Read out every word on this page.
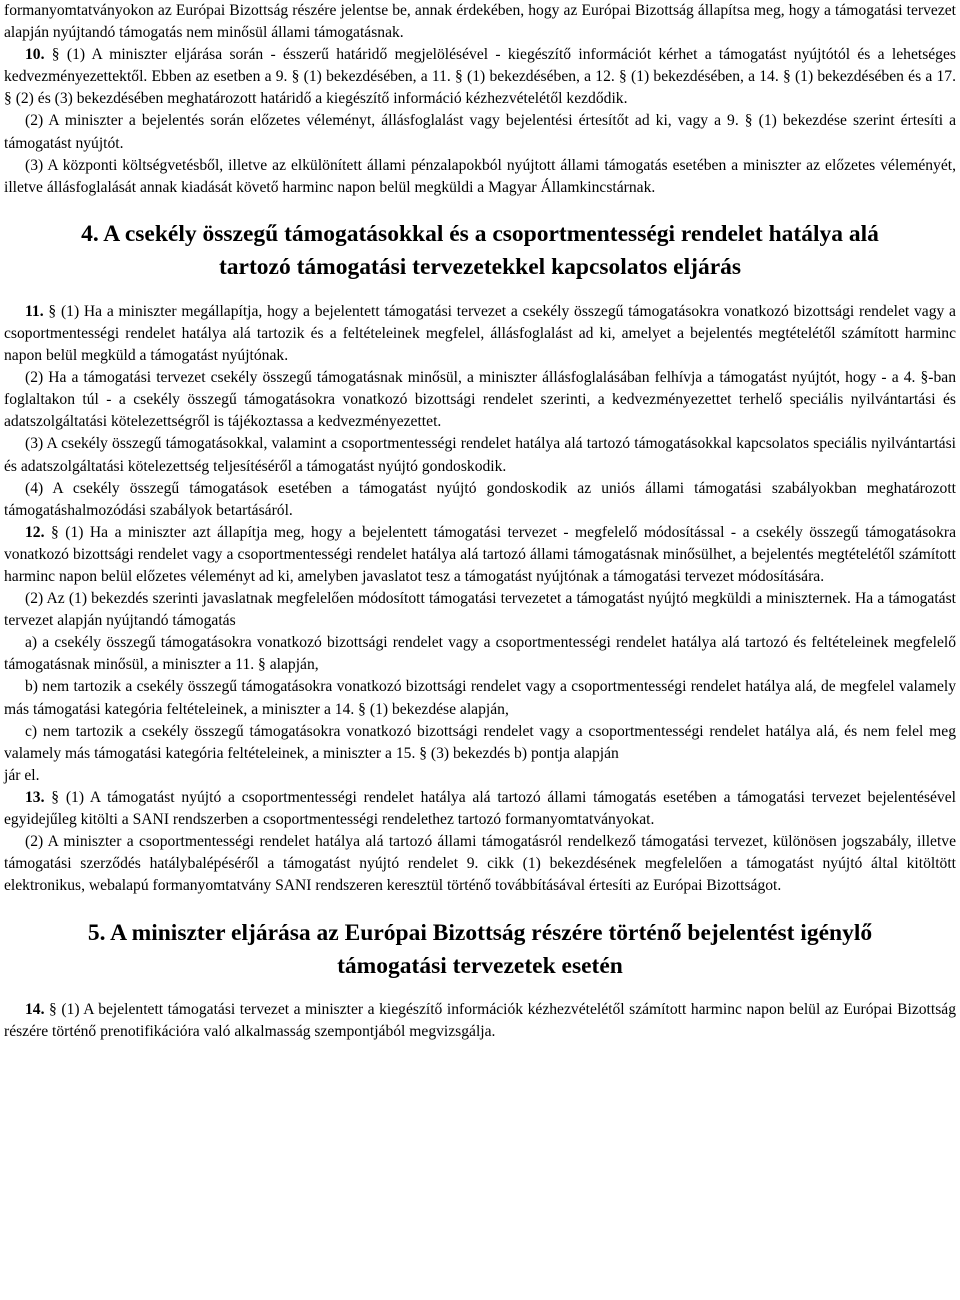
formanyomtatványokon az Európai Bizottság részére jelentse be, annak érdekében, hogy az Európai Bizottság állapítsa meg, hogy a támogatási tervezet alapján nyújtandó támogatás nem minősül állami támogatásnak.

10. § (1) A miniszter eljárása során - ésszerű határidő megjelölésével - kiegészítő információt kérhet a támogatást nyújtótól és a lehetséges kedvezményezettektől. Ebben az esetben a 9. § (1) bekezdésében, a 11. § (1) bekezdésében, a 12. § (1) bekezdésében, a 14. § (1) bekezdésében és a 17. § (2) és (3) bekezdésében meghatározott határidő a kiegészítő információ kézhezvételétől kezdődik.

(2) A miniszter a bejelentés során előzetes véleményt, állásfoglalást vagy bejelentési értesítőt ad ki, vagy a 9. § (1) bekezdése szerint értesíti a támogatást nyújtót.

(3) A központi költségvetésből, illetve az elkülönített állami pénzalapokból nyújtott állami támogatás esetében a miniszter az előzetes véleményét, illetve állásfoglalását annak kiadását követő harminc napon belül megküldi a Magyar Államkincstárnak.

4. A csekély összegű támogatásokkal és a csoportmentességi rendelet hatálya alá tartozó támogatási tervezetekkel kapcsolatos eljárás

11. § (1) Ha a miniszter megállapítja, hogy a bejelentett támogatási tervezet a csekély összegű támogatásokra vonatkozó bizottsági rendelet vagy a csoportmentességi rendelet hatálya alá tartozik és a feltételeinek megfelel, állásfoglalást ad ki, amelyet a bejelentés megtételétől számított harminc napon belül megküld a támogatást nyújtónak.

(2) Ha a támogatási tervezet csekély összegű támogatásnak minősül, a miniszter állásfoglalásában felhívja a támogatást nyújtót, hogy - a 4. §-ban foglaltakon túl - a csekély összegű támogatásokra vonatkozó bizottsági rendelet szerinti, a kedvezményezettet terhelő speciális nyilvántartási és adatszolgáltatási kötelezettségről is tájékoztassa a kedvezményezettet.

(3) A csekély összegű támogatásokkal, valamint a csoportmentességi rendelet hatálya alá tartozó támogatásokkal kapcsolatos speciális nyilvántartási és adatszolgáltatási kötelezettség teljesítéséről a támogatást nyújtó gondoskodik.

(4) A csekély összegű támogatások esetében a támogatást nyújtó gondoskodik az uniós állami támogatási szabályokban meghatározott támogatáshalmozódási szabályok betartásáról.

12. § (1) Ha a miniszter azt állapítja meg, hogy a bejelentett támogatási tervezet - megfelelő módosítással - a csekély összegű támogatásokra vonatkozó bizottsági rendelet vagy a csoportmentességi rendelet hatálya alá tartozó állami támogatásnak minősülhet, a bejelentés megtételétől számított harminc napon belül előzetes véleményt ad ki, amelyben javaslatot tesz a támogatást nyújtónak a támogatási tervezet módosítására.

(2) Az (1) bekezdés szerinti javaslatnak megfelelően módosított támogatási tervezetet a támogatást nyújtó megküldi a miniszternek. Ha a támogatást tervezet alapján nyújtandó támogatás

a) a csekély összegű támogatásokra vonatkozó bizottsági rendelet vagy a csoportmentességi rendelet hatálya alá tartozó és feltételeinek megfelelő támogatásnak minősül, a miniszter a 11. § alapján,

b) nem tartozik a csekély összegű támogatásokra vonatkozó bizottsági rendelet vagy a csoportmentességi rendelet hatálya alá, de megfelel valamely más támogatási kategória feltételeinek, a miniszter a 14. § (1) bekezdése alapján,

c) nem tartozik a csekély összegű támogatásokra vonatkozó bizottsági rendelet vagy a csoportmentességi rendelet hatálya alá, és nem felel meg valamely más támogatási kategória feltételeinek, a miniszter a 15. § (3) bekezdés b) pontja alapján

jár el.

13. § (1) A támogatást nyújtó a csoportmentességi rendelet hatálya alá tartozó állami támogatás esetében a támogatási tervezet bejelentésével egyidejűleg kitölti a SANI rendszerben a csoportmentességi rendelethez tartozó formanyomtatványokat.

(2) A miniszter a csoportmentességi rendelet hatálya alá tartozó állami támogatásról rendelkező támogatási tervezet, különösen jogszabály, illetve támogatási szerződés hatálybalépéséről a támogatást nyújtó rendelet 9. cikk (1) bekezdésének megfelelően a támogatást nyújtó által kitöltött elektronikus, webalapú formanyomtatvány SANI rendszeren keresztül történő továbbításával értesíti az Európai Bizottságot.

5. A miniszter eljárása az Európai Bizottság részére történő bejelentést igénylő támogatási tervezetek esetén

14. § (1) A bejelentett támogatási tervezet a miniszter a kiegészítő információk kézhezvételétől számított harminc napon belül az Európai Bizottság részére történő prenotifikációra való alkalmasság szempontjából megvizsgálja.
